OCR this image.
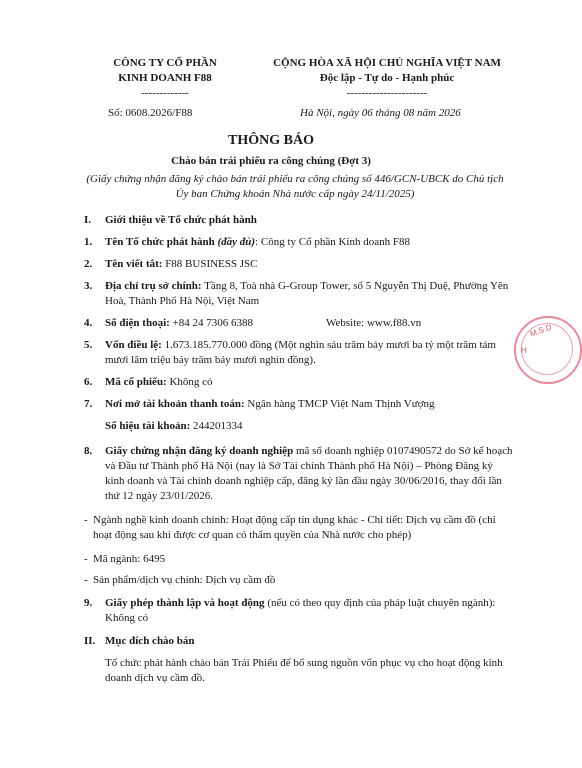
CÔNG TY CỔ PHẦN
KINH DOANH F88
-------------
CỘNG HÒA XÃ HỘI CHỦ NGHĨA VIỆT NAM
Độc lập - Tự do - Hạnh phúc
----------------------
Số: 0608.2026/F88	Hà Nội, ngày 06 tháng 08 năm 2026
THÔNG BÁO
Chào bán trái phiếu ra công chúng (Đợt 3)
(Giấy chứng nhận đăng ký chào bán trái phiếu ra công chúng số 446/GCN-UBCK do Chủ tịch
Ủy ban Chứng khoán Nhà nước cấp ngày 24/11/2025)
I. Giới thiệu về Tổ chức phát hành
1. Tên Tổ chức phát hành (đầy đủ): Công ty Cổ phần Kinh doanh F88
2. Tên viết tắt: F88 BUSINESS JSC
3. Địa chỉ trụ sở chính: Tầng 8, Toà nhà G-Group Tower, số 5 Nguyễn Thị Duệ, Phường Yên
Hoà, Thành Phố Hà Nội, Việt Nam
4. Số điện thoại: +84 24 7306 6388	Website: www.f88.vn
5. Vốn điều lệ: 1.673.185.770.000 đồng (Một nghìn sáu trăm bảy mươi ba tỷ một trăm tám
mươi lăm triệu bảy trăm bảy mươi nghìn đồng).
6. Mã cổ phiếu: Không có
7. Nơi mở tài khoản thanh toán: Ngân hàng TMCP Việt Nam Thịnh Vượng
Số hiệu tài khoản: 244201334
8. Giấy chứng nhận đăng ký doanh nghiệp mã số doanh nghiệp 0107490572 do Sở kế hoạch
và Đầu tư Thành phố Hà Nội (nay là Sở Tài chính Thành phố Hà Nội) – Phòng Đăng ký
kinh doanh và Tài chính doanh nghiệp cấp, đăng ký lần đầu ngày 30/06/2016, thay đổi lần
thứ 12 ngày 23/01/2026.
- Ngành nghề kinh doanh chính: Hoạt động cấp tín dụng khác - Chi tiết: Dịch vụ cầm đồ (chỉ
hoạt động sau khi được cơ quan có thẩm quyền của Nhà nước cho phép)
- Mã ngành: 6495
- Sản phẩm/dịch vụ chính: Dịch vụ cầm đồ
9. Giấy phép thành lập và hoạt động (nếu có theo quy định của pháp luật chuyên ngành):
Không có
II. Mục đích chào bán
Tổ chức phát hành chào bán Trái Phiếu để bổ sung nguồn vốn phục vụ cho hoạt động kinh
doanh dịch vụ cầm đồ.
M.S.D
H
